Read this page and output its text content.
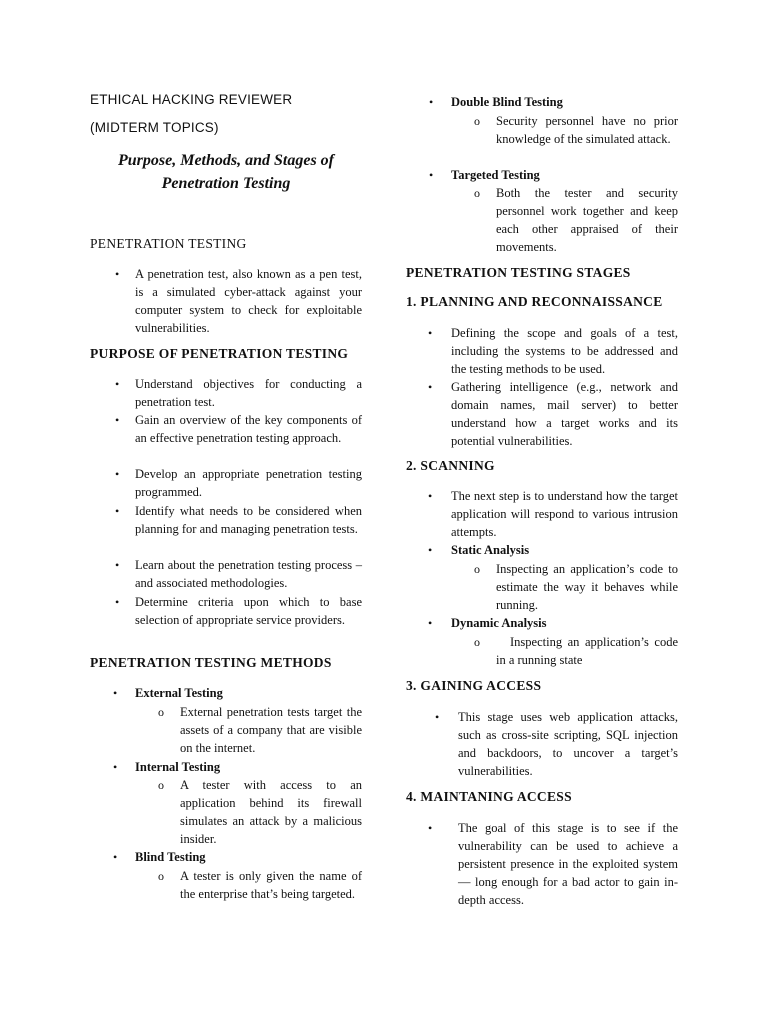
ETHICAL HACKING REVIEWER
(MIDTERM TOPICS)
Purpose, Methods, and Stages of
Penetration Testing
PENETRATION TESTING
• A penetration test, also known as a pen test, is a simulated cyber-attack against your computer system to check for exploitable vulnerabilities.
PURPOSE OF PENETRATION TESTING
• Understand objectives for conducting a penetration test.
• Gain an overview of the key components of an effective penetration testing approach.
• Develop an appropriate penetration testing programmed.
• Identify what needs to be considered when planning for and managing penetration tests.
• Learn about the penetration testing process – and associated methodologies.
• Determine criteria upon which to base selection of appropriate service providers.
PENETRATION TESTING METHODS
• External Testing
o External penetration tests target the assets of a company that are visible on the internet.
• Internal Testing
o A tester with access to an application behind its firewall simulates an attack by a malicious insider.
• Blind Testing
o A tester is only given the name of the enterprise that’s being targeted.
• Double Blind Testing
o Security personnel have no prior knowledge of the simulated attack.
• Targeted Testing
o Both the tester and security personnel work together and keep each other appraised of their movements.
PENETRATION TESTING STAGES
1. PLANNING AND RECONNAISSANCE
• Defining the scope and goals of a test, including the systems to be addressed and the testing methods to be used.
• Gathering intelligence (e.g., network and domain names, mail server) to better understand how a target works and its potential vulnerabilities.
2. SCANNING
• The next step is to understand how the target application will respond to various intrusion attempts.
• Static Analysis
o Inspecting an application’s code to estimate the way it behaves while running.
• Dynamic Analysis
o	Inspecting an application’s code in a running state
3. GAINING ACCESS
• This stage uses web application attacks, such as cross-site scripting, SQL injection and backdoors, to uncover a target’s vulnerabilities.
4. MAINTANING ACCESS
• The goal of this stage is to see if the vulnerability can be used to achieve a persistent presence in the exploited system— long enough for a bad actor to gain in-depth access.
